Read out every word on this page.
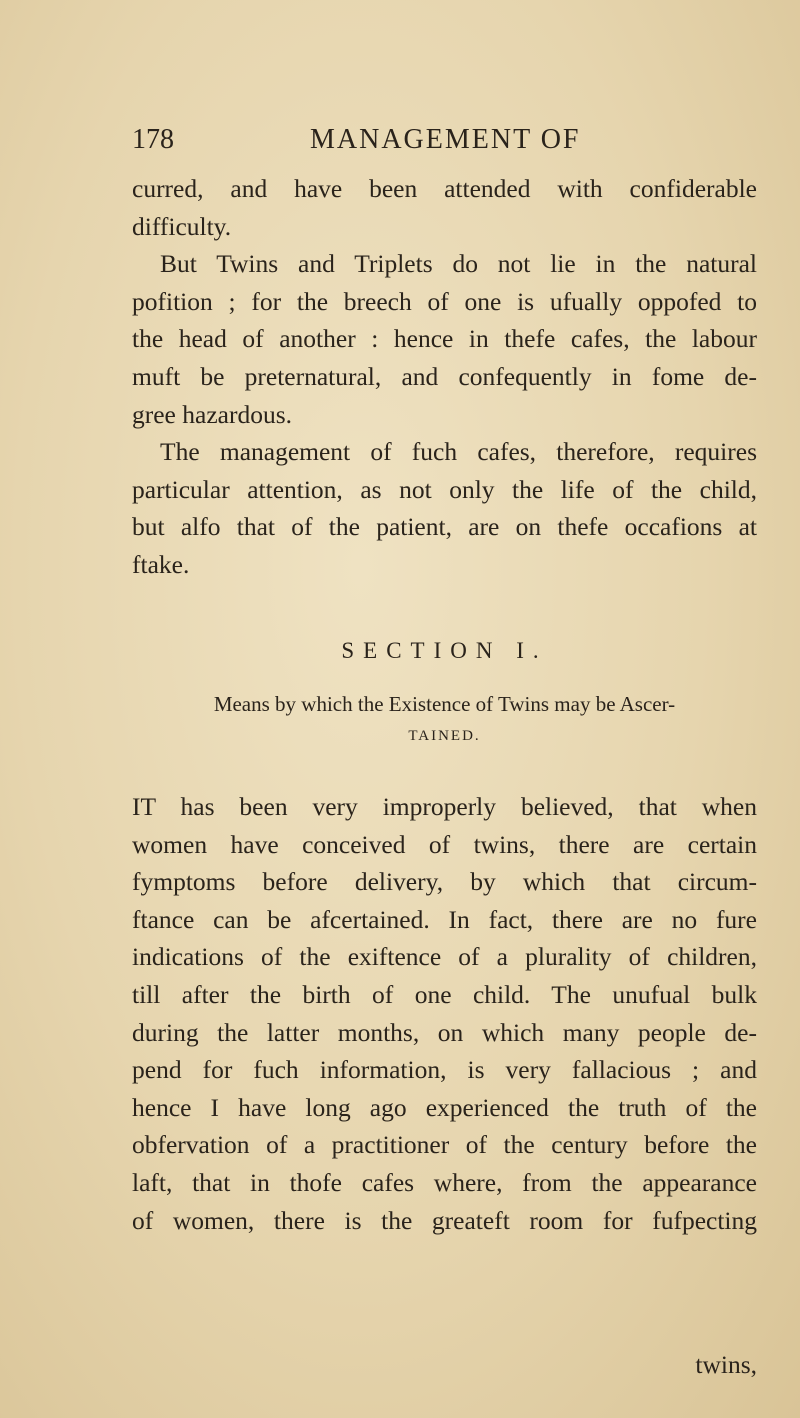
178	MANAGEMENT OF
curred, and have been attended with confiderable
difficulty.
But Twins and Triplets do not lie in the natural
pofition ; for the breech of one is ufually oppofed to
the head of another : hence in thefe cafes, the labour
muft be preternatural, and confequently in fome de-
gree hazardous.
The management of fuch cafes, therefore, requires
particular attention, as not only the life of the child,
but alfo that of the patient, are on thefe occafions at
ftake.
SECTION I.
Means by which the Existence of Twins may be Ascer-
TAINED.
IT has been very improperly believed, that when
women have conceived of twins, there are certain
fymptoms before delivery, by which that circum-
ftance can be afcertained. In fact, there are no fure
indications of the exiftence of a plurality of children,
till after the birth of one child. The unufual bulk
during the latter months, on which many people de-
pend for fuch information, is very fallacious ; and
hence I have long ago experienced the truth of the
obfervation of a practitioner of the century before the
laft, that in thofe cafes where, from the appearance
of women, there is the greateft room for fufpecting
twins,
